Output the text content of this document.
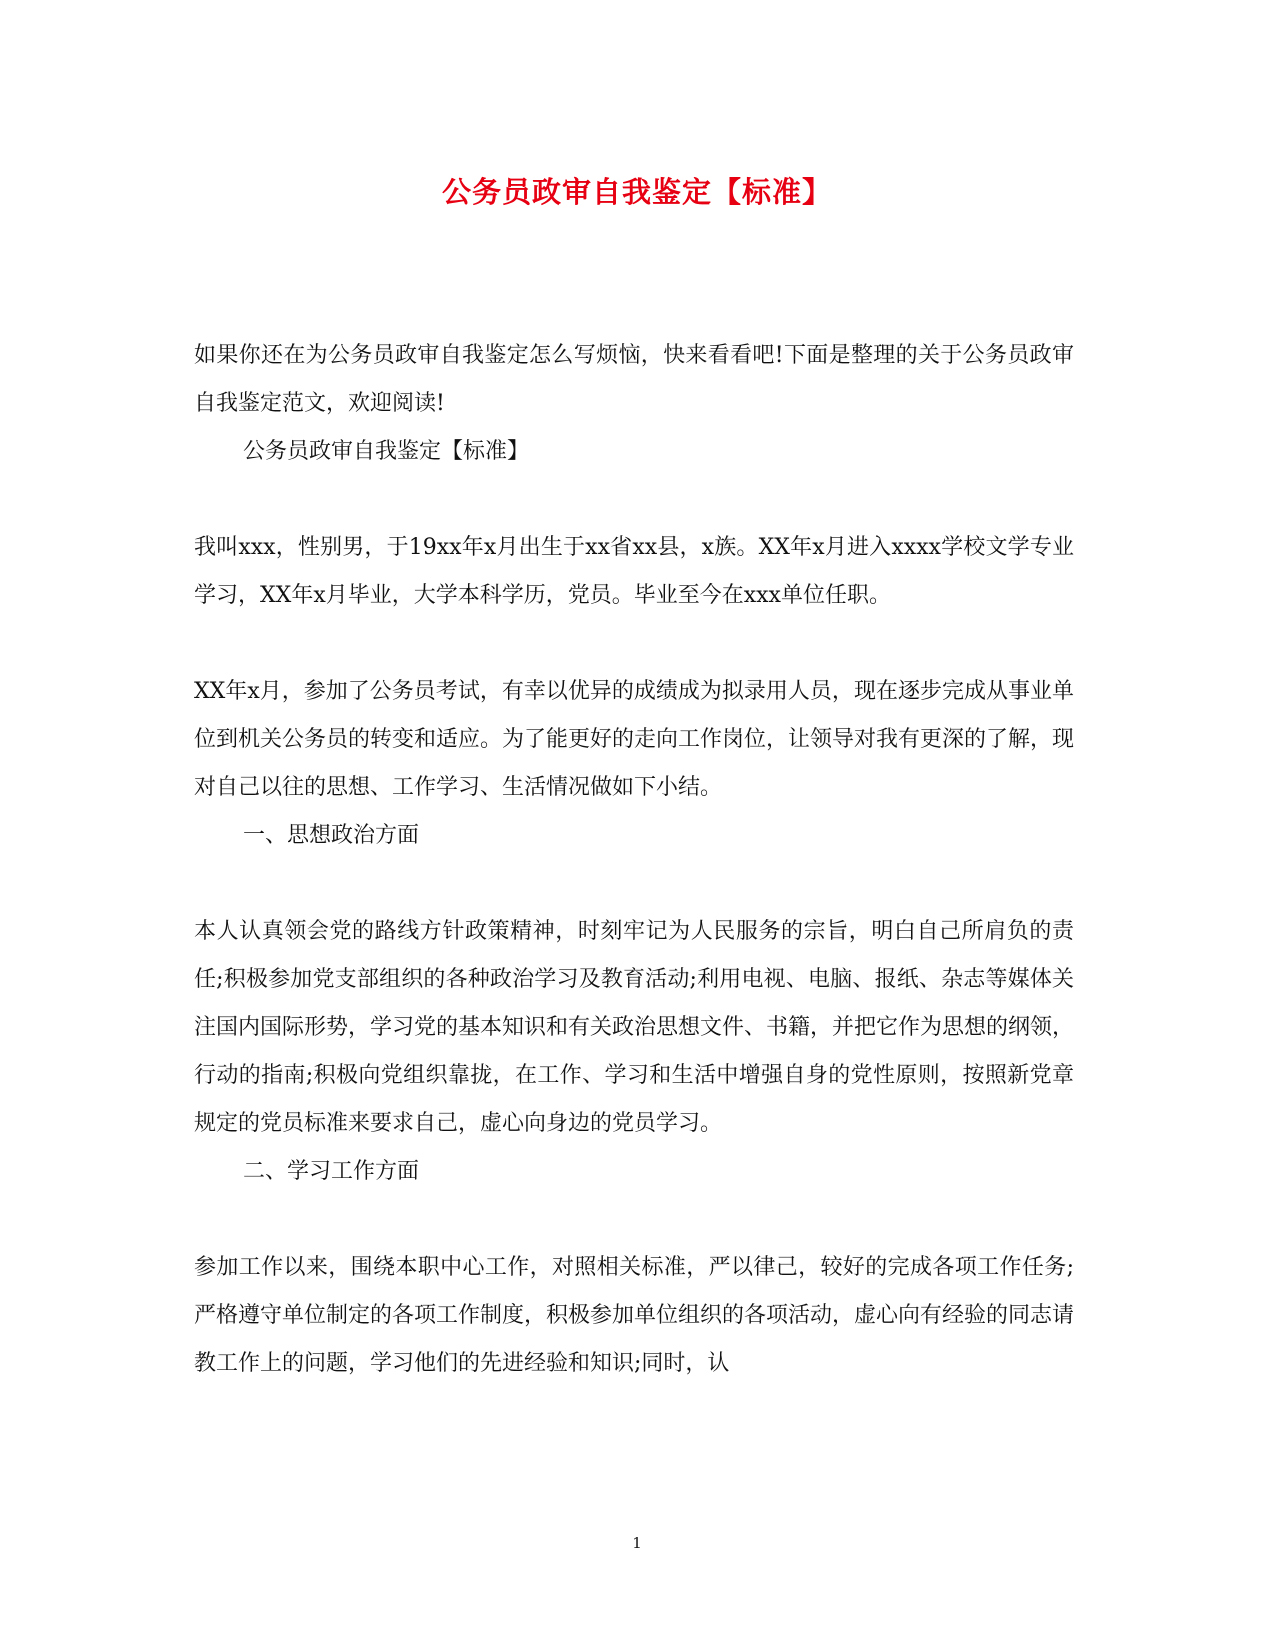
公务员政审自我鉴定【标准】

如果你还在为公务员政审自我鉴定怎么写烦恼，快来看看吧!下面是整理的关于公务员政审自我鉴定范文，欢迎阅读!

公务员政审自我鉴定【标准】

我叫xxx，性别男，于19xx年x月出生于xx省xx县，x族。XX年x月进入xxxx学校文学专业学习，XX年x月毕业，大学本科学历，党员。毕业至今在xxx单位任职。

XX年x月，参加了公务员考试，有幸以优异的成绩成为拟录用人员，现在逐步完成从事业单位到机关公务员的转变和适应。为了能更好的走向工作岗位，让领导对我有更深的了解，现对自己以往的思想、工作学习、生活情况做如下小结。

一、思想政治方面

本人认真领会党的路线方针政策精神，时刻牢记为人民服务的宗旨，明白自己所肩负的责任;积极参加党支部组织的各种政治学习及教育活动;利用电视、电脑、报纸、杂志等媒体关注国内国际形势，学习党的基本知识和有关政治思想文件、书籍，并把它作为思想的纲领，行动的指南;积极向党组织靠拢，在工作、学习和生活中增强自身的党性原则，按照新党章规定的党员标准来要求自己，虚心向身边的党员学习。

二、学习工作方面

参加工作以来，围绕本职中心工作，对照相关标准，严以律己，较好的完成各项工作任务;严格遵守单位制定的各项工作制度，积极参加单位组织的各项活动，虚心向有经验的同志请教工作上的问题，学习他们的先进经验和知识;同时，认

1
